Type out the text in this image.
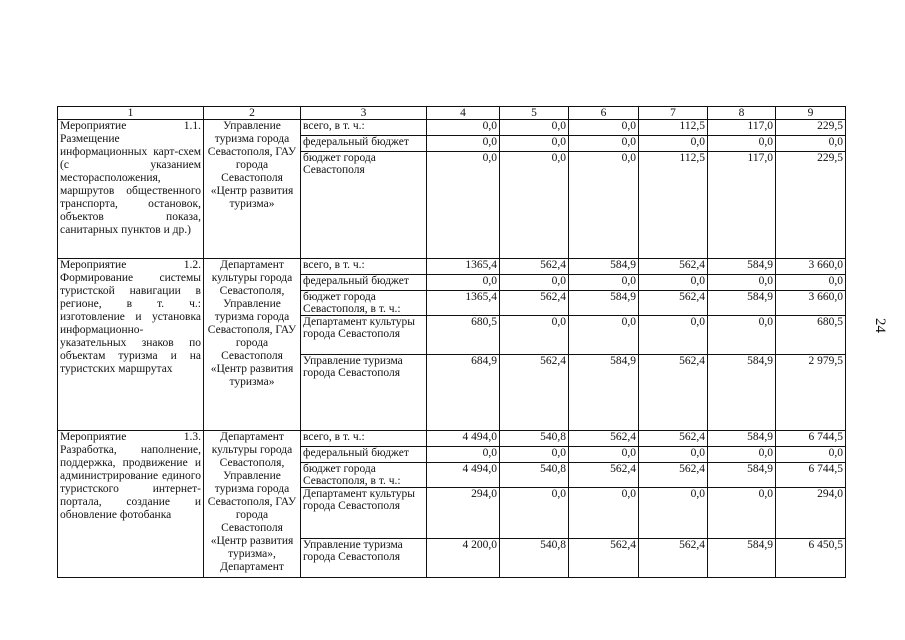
1	2	3	4	5	6	7	8	9
Мероприятие 1.1. Размещение информационных карт-схем (с указанием месторасположения, маршрутов общественного транспорта, остановок, объектов показа, санитарных пунктов и др.)	Управление туризма города Севастополя, ГАУ города Севастополя «Центр развития туризма»	всего, в т. ч.:	0,0	0,0	0,0	112,5	117,0	229,5
		федеральный бюджет	0,0	0,0	0,0	0,0	0,0	0,0
		бюджет города Севастополя	0,0	0,0	0,0	112,5	117,0	229,5
Мероприятие 1.2. Формирование системы туристской навигации в регионе, в т. ч.: изготовление и установка информационно-указательных знаков по объектам туризма и на туристских маршрутах	Департамент культуры города Севастополя, Управление туризма города Севастополя, ГАУ города Севастополя «Центр развития туризма»	всего, в т. ч.:	1365,4	562,4	584,9	562,4	584,9	3 660,0
		федеральный бюджет	0,0	0,0	0,0	0,0	0,0	0,0
		бюджет города Севастополя, в т. ч.:	1365,4	562,4	584,9	562,4	584,9	3 660,0
		Департамент культуры города Севастополя	680,5	0,0	0,0	0,0	0,0	680,5
		Управление туризма города Севастополя	684,9	562,4	584,9	562,4	584,9	2 979,5
Мероприятие 1.3. Разработка, наполнение, поддержка, продвижение и администрирование единого туристского интернет-портала, создание и обновление фотобанка	Департамент культуры города Севастополя, Управление туризма города Севастополя, ГАУ города Севастополя «Центр развития туризма», Департамент	всего, в т. ч.:	4 494,0	540,8	562,4	562,4	584,9	6 744,5
		федеральный бюджет	0,0	0,0	0,0	0,0	0,0	0,0
		бюджет города Севастополя, в т. ч.:	4 494,0	540,8	562,4	562,4	584,9	6 744,5
		Департамент культуры города Севастополя	294,0	0,0	0,0	0,0	0,0	294,0
		Управление туризма города Севастополя	4 200,0	540,8	562,4	562,4	584,9	6 450,5
24
